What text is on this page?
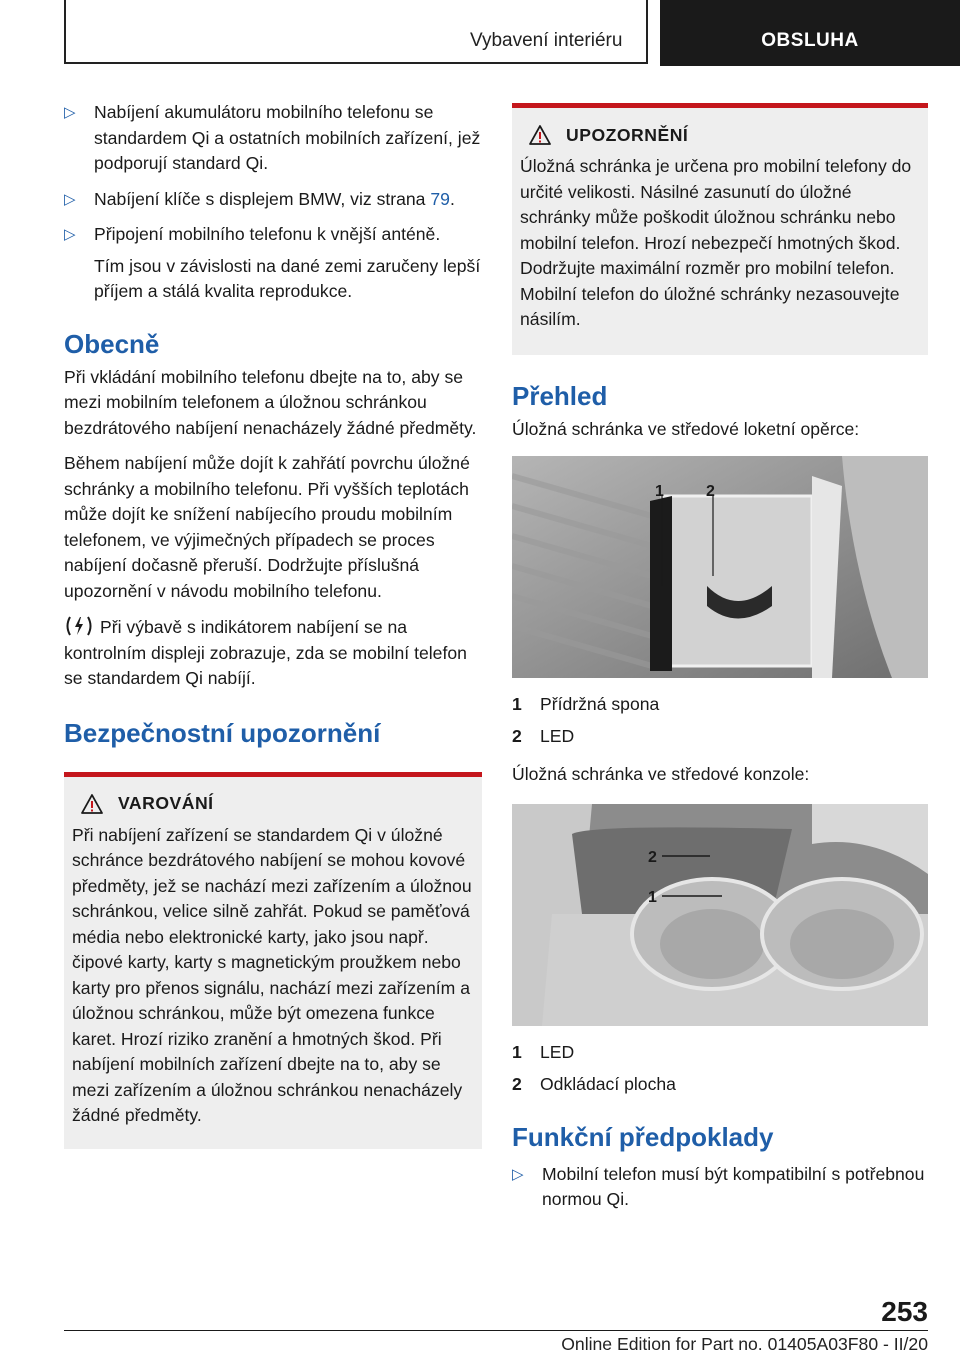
Vybavení interiéru	OBSLUHA
▷ Nabíjení akumulátoru mobilního telefonu se standardem Qi a ostatních mobilních zařízení, jež podporují standard Qi.
▷ Nabíjení klíče s displejem BMW, viz strana 79.
▷ Připojení mobilního telefonu k vnější anténě.

Tím jsou v závislosti na dané zemi zaručeny lepší příjem a stálá kvalita reprodukce.

Obecně

Při vkládání mobilního telefonu dbejte na to, aby se mezi mobilním telefonem a úložnou schránkou bezdrátového nabíjení nenacházely žádné předměty.

Během nabíjení může dojít k zahřátí povrchu úložné schránky a mobilního telefonu. Při vyšších teplotách může dojít ke snížení nabíjecího proudu mobilním telefonem, ve výjimečných případech se proces nabíjení dočasně přeruší. Dodržujte příslušná upozornění v návodu mobilního telefonu.

Při výbavě s indikátorem nabíjení se na kontrolním displeji zobrazuje, zda se mobilní telefon se standardem Qi nabíjí.

Bezpečnostní upozornění
VAROVÁNÍ

Při nabíjení zařízení se standardem Qi v úložné schránce bezdrátového nabíjení se mohou kovové předměty, jež se nachází mezi zařízením a úložnou schránkou, velice silně zahřát. Pokud se paměťová média nebo elektronické karty, jako jsou např. čipové karty, karty s magnetickým proužkem nebo karty pro přenos signálu, nachází mezi zařízením a úložnou schránkou, může být omezena funkce karet. Hrozí riziko zranění a hmotných škod. Při nabíjení mobilních zařízení dbejte na to, aby se mezi zařízením a úložnou schránkou nenacházely žádné předměty.

UPOZORNĚNÍ

Úložná schránka je určena pro mobilní telefony do určité velikosti. Násilné zasunutí do úložné schránky může poškodit úložnou schránku nebo mobilní telefon. Hrozí nebezpečí hmotných škod. Dodržujte maximální rozměr pro mobilní telefon. Mobilní telefon do úložné schránky nezasouvejte násilím.

Přehled

Úložná schránka ve středové loketní opěrce:

1	2
1	Přídržná spona
2	LED

Úložná schránka ve středové konzole:

2
1
1	LED
2	Odkládací plocha
Funkční předpoklady
▷ Mobilní telefon musí být kompatibilní s potřebnou normou Qi.
253
Online Edition for Part no. 01405A03F80 - II/20
